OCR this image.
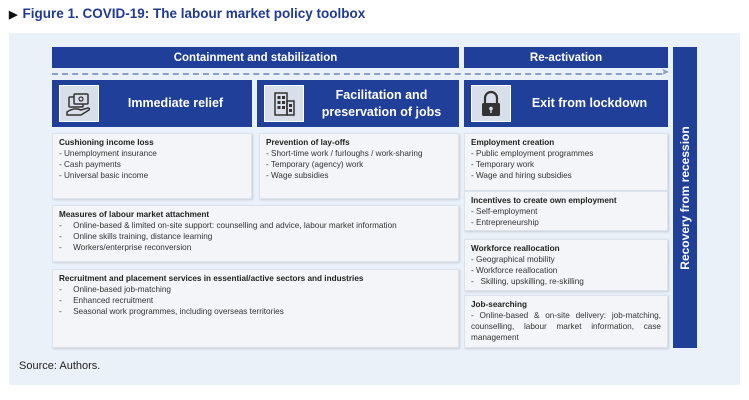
▶ Figure 1. COVID-19: The labour market policy toolbox
Containment and stabilization	Re-activation
➤
Immediate relief
Facilitation and
preservation of jobs
Exit from lockdown
Recovery from recession
Cushioning income loss
- Unemployment insurance
- Cash payments
- Universal basic income
Prevention of lay-offs
- Short-time work / furloughs / work-sharing
- Temporary (agency) work
- Wage subsidies
Measures of labour market attachment
-     Online-based & limited on-site support: counselling and advice, labour market information
-     Online skills training, distance learning
-     Workers/enterprise reconversion
Recruitment and placement services in essential/active sectors and industries
-     Online-based job-matching
-     Enhanced recruitment
-     Seasonal work programmes, including overseas territories
Employment creation
- Public employment programmes
- Temporary work
- Wage and hiring subsidies
Incentives to create own employment
- Self-employment
- Entrepreneurship
Workforce reallocation
- Geographical mobility
- Workforce reallocation
-   Skilling, upskilling, re-skilling
Job-searching
- Online-based & on-site delivery: job-matching, counselling, labour market information, case management
Source: Authors.
